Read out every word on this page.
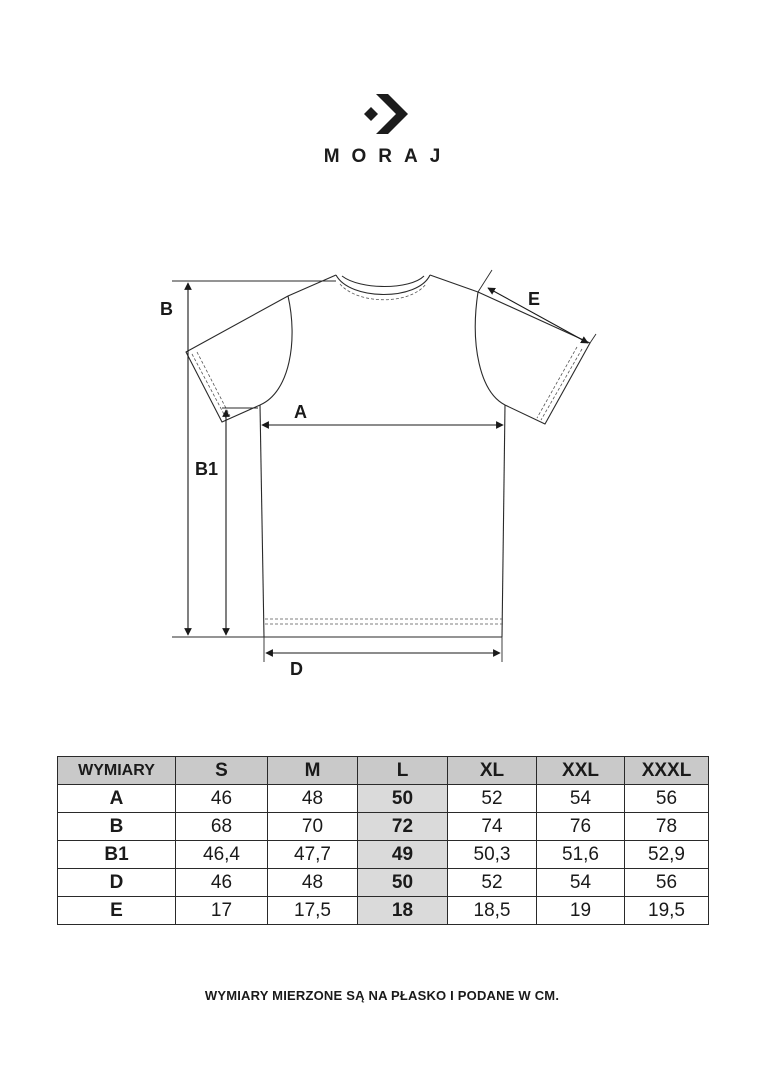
MORAJ
B
B1
A
D
E
WYMIARY	S	M	L	XL	XXL	XXXL
A	46	48	50	52	54	56
B	68	70	72	74	76	78
B1	46,4	47,7	49	50,3	51,6	52,9
D	46	48	50	52	54	56
E	17	17,5	18	18,5	19	19,5
WYMIARY MIERZONE SĄ NA PŁASKO I PODANE W CM.
